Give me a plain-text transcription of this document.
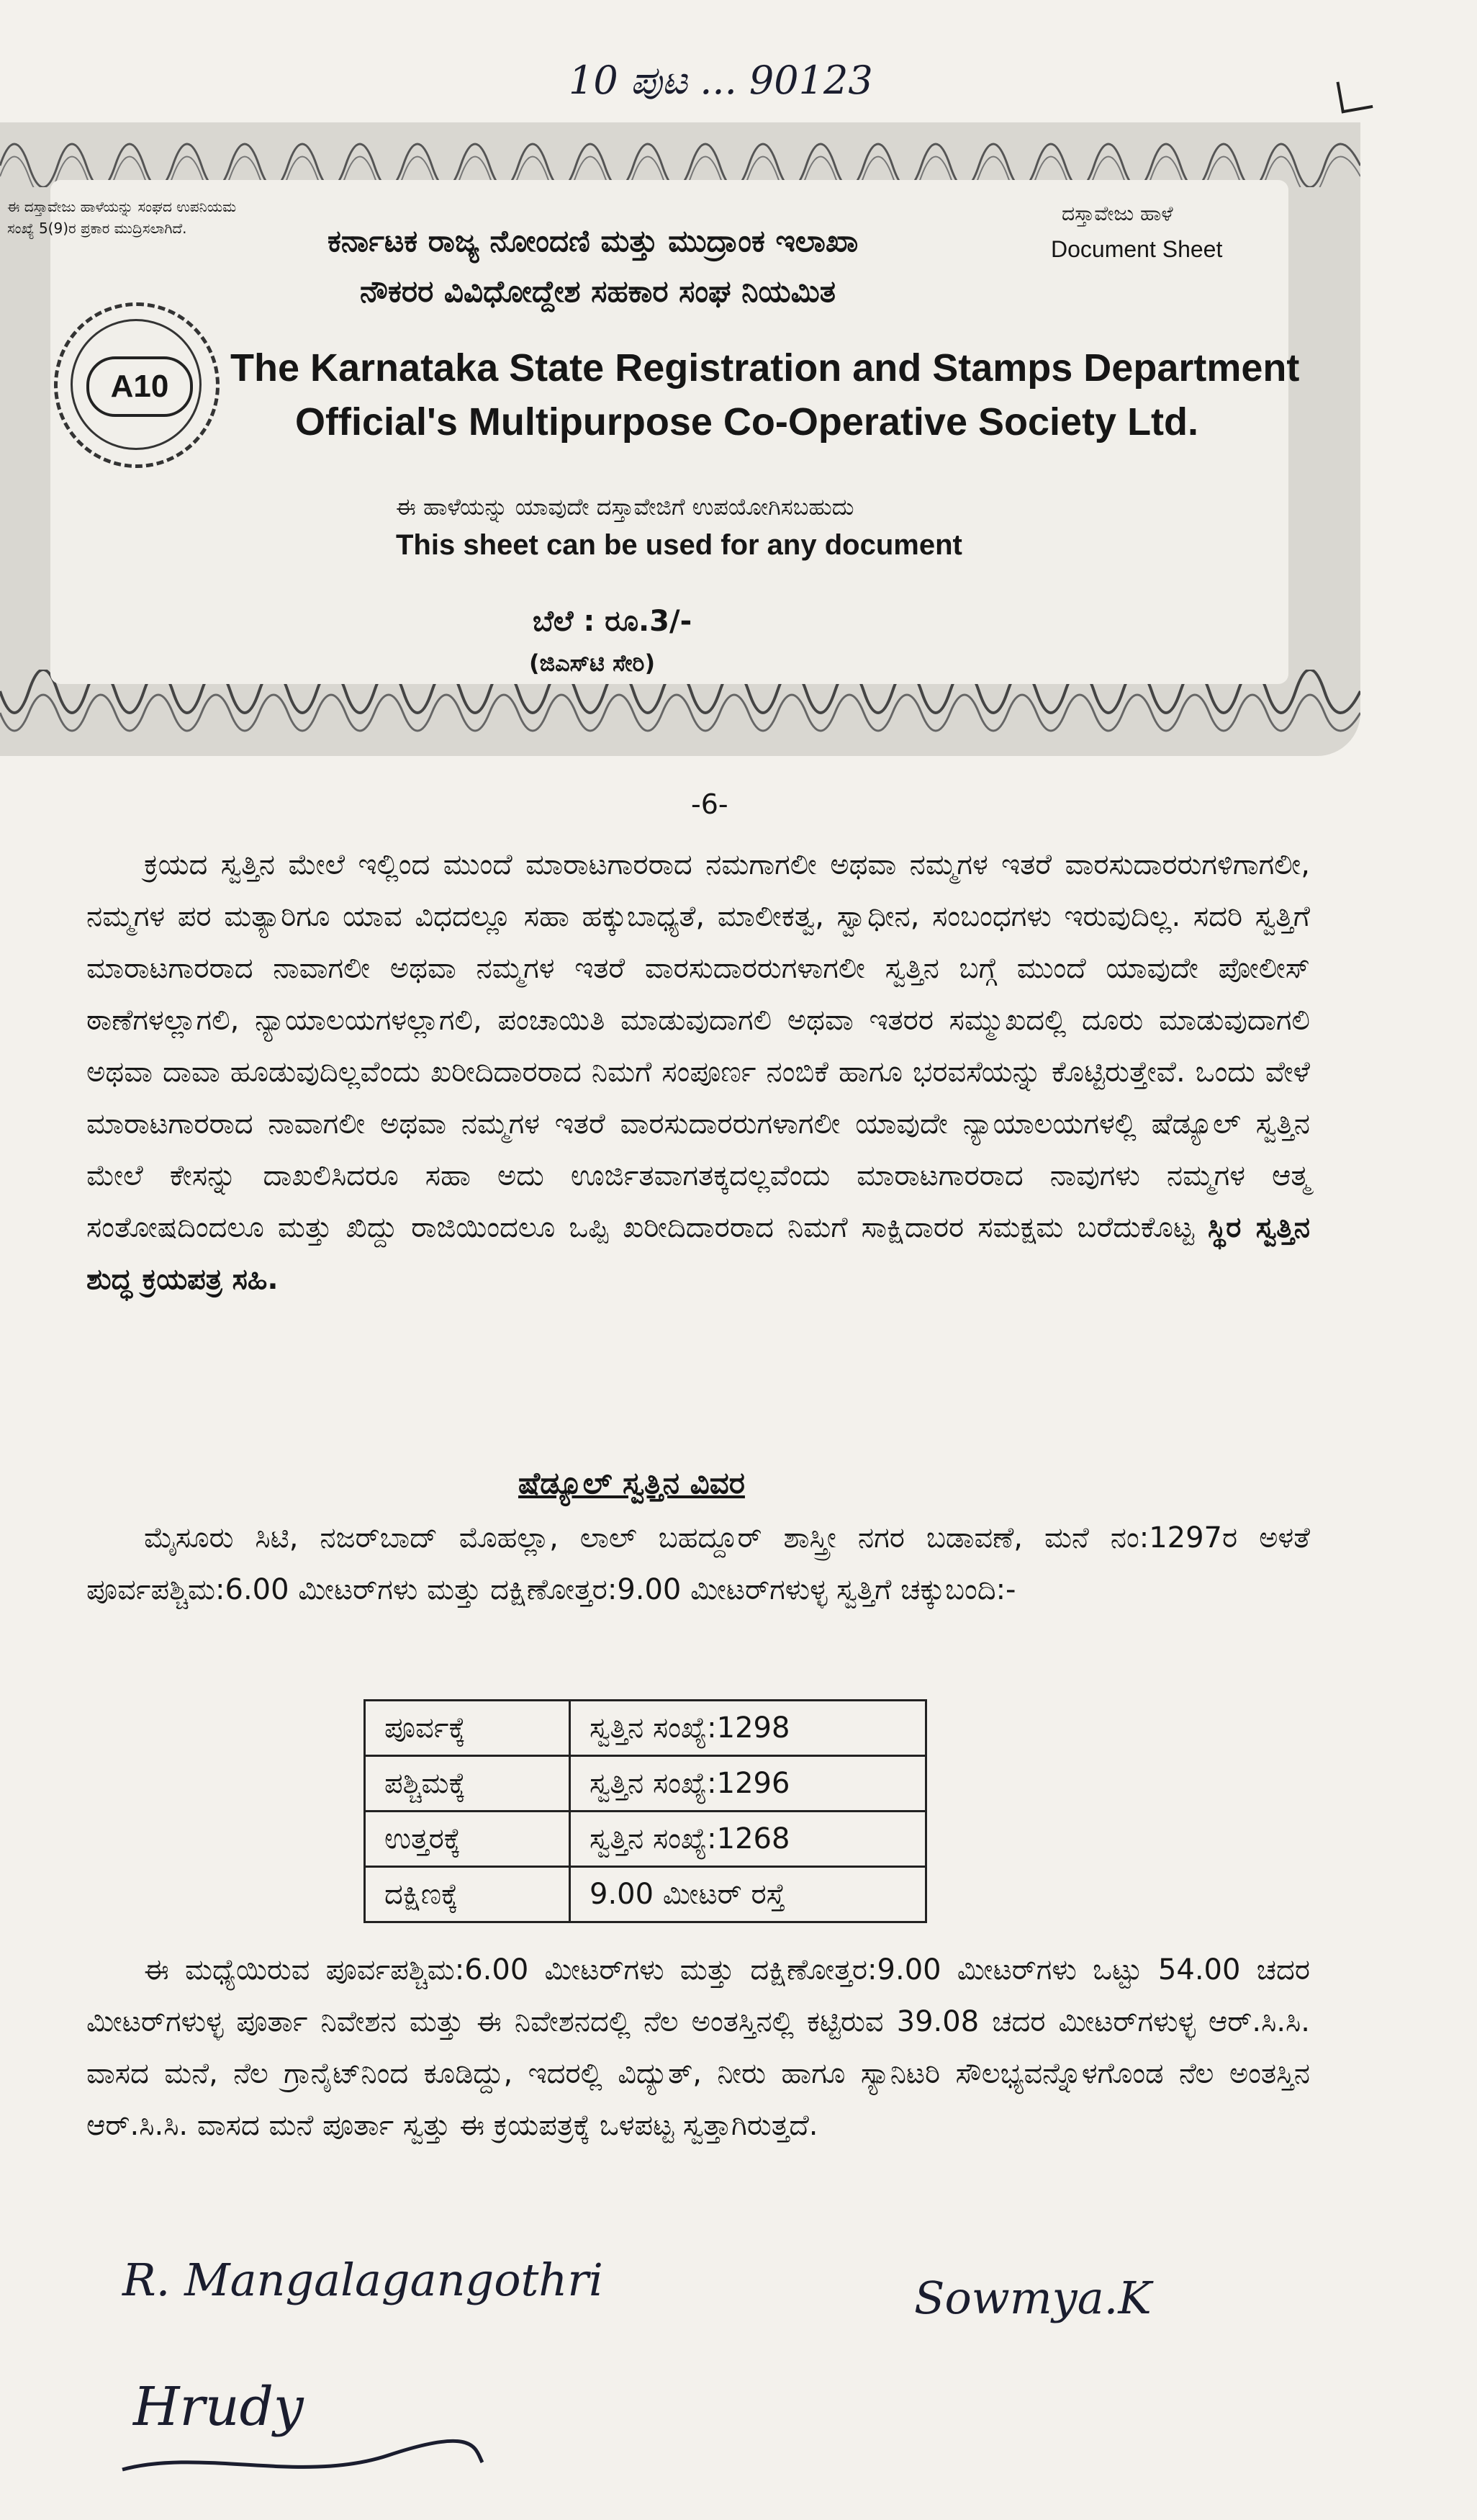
10 ಪುಟ ... 90123
ಈ ದಸ್ತಾವೇಜು ಹಾಳೆಯನ್ನು ಸಂಘದ ಉಪನಿಯಮ
ಸಂಖ್ಯೆ 5(9)ರ ಪ್ರಕಾರ ಮುದ್ರಿಸಲಾಗಿದೆ.
ದಸ್ತಾವೇಜು ಹಾಳೆ
Document Sheet
ಕರ್ನಾಟಕ ರಾಜ್ಯ ನೋಂದಣಿ ಮತ್ತು ಮುದ್ರಾಂಕ ಇಲಾಖಾ
ನೌಕರರ ವಿವಿಧೋದ್ದೇಶ ಸಹಕಾರ ಸಂಘ ನಿಯಮಿತ
A10	The Karnataka State Registration and Stamps Department
Official's Multipurpose Co-Operative Society Ltd.
ಈ ಹಾಳೆಯನ್ನು ಯಾವುದೇ ದಸ್ತಾವೇಜಿಗೆ ಉಪಯೋಗಿಸಬಹುದು
This sheet can be used for any document
ಬೆಲೆ : ರೂ.3/-
(ಜಿಎಸ್‌ಟಿ ಸೇರಿ)
-6-

ಕ್ರಯದ ಸ್ವತ್ತಿನ ಮೇಲೆ ಇಲ್ಲಿಂದ ಮುಂದೆ ಮಾರಾಟಗಾರರಾದ ನಮಗಾಗಲೀ ಅಥವಾ ನಮ್ಮಗಳ ಇತರೆ ವಾರಸುದಾರರುಗಳಿಗಾಗಲೀ, ನಮ್ಮಗಳ ಪರ ಮತ್ಯಾರಿಗೂ ಯಾವ ವಿಧದಲ್ಲೂ ಸಹಾ ಹಕ್ಕುಬಾಧ್ಯತೆ, ಮಾಲೀಕತ್ವ, ಸ್ವಾಧೀನ, ಸಂಬಂಧಗಳು ಇರುವುದಿಲ್ಲ. ಸದರಿ ಸ್ವತ್ತಿಗೆ ಮಾರಾಟಗಾರರಾದ ನಾವಾಗಲೀ ಅಥವಾ ನಮ್ಮಗಳ ಇತರೆ ವಾರಸುದಾರರುಗಳಾಗಲೀ ಸ್ವತ್ತಿನ ಬಗ್ಗೆ ಮುಂದೆ ಯಾವುದೇ ಪೋಲೀಸ್ ಠಾಣೆಗಳಲ್ಲಾಗಲಿ, ನ್ಯಾಯಾಲಯಗಳಲ್ಲಾಗಲಿ, ಪಂಚಾಯಿತಿ ಮಾಡುವುದಾಗಲಿ ಅಥವಾ ಇತರರ ಸಮ್ಮುಖದಲ್ಲಿ ದೂರು ಮಾಡುವುದಾಗಲಿ ಅಥವಾ ದಾವಾ ಹೂಡುವುದಿಲ್ಲವೆಂದು ಖರೀದಿದಾರರಾದ ನಿಮಗೆ ಸಂಪೂರ್ಣ ನಂಬಿಕೆ ಹಾಗೂ ಭರವಸೆಯನ್ನು ಕೊಟ್ಟಿರುತ್ತೇವೆ. ಒಂದು ವೇಳೆ ಮಾರಾಟಗಾರರಾದ ನಾವಾಗಲೀ ಅಥವಾ ನಮ್ಮಗಳ ಇತರೆ ವಾರಸುದಾರರುಗಳಾಗಲೀ ಯಾವುದೇ ನ್ಯಾಯಾಲಯಗಳಲ್ಲಿ ಷೆಡ್ಯೂಲ್ ಸ್ವತ್ತಿನ ಮೇಲೆ ಕೇಸನ್ನು ದಾಖಲಿಸಿದರೂ ಸಹಾ ಅದು ಊರ್ಜಿತವಾಗತಕ್ಕದಲ್ಲವೆಂದು ಮಾರಾಟಗಾರರಾದ ನಾವುಗಳು ನಮ್ಮಗಳ ಆತ್ಮ ಸಂತೋಷದಿಂದಲೂ ಮತ್ತು ಖಿದ್ದು ರಾಜಿಯಿಂದಲೂ ಒಪ್ಪಿ ಖರೀದಿದಾರರಾದ ನಿಮಗೆ ಸಾಕ್ಷಿದಾರರ ಸಮಕ್ಷಮ ಬರೆದುಕೊಟ್ಟ ಸ್ಥಿರ ಸ್ವತ್ತಿನ ಶುದ್ಧ ಕ್ರಯಪತ್ರ ಸಹಿ.

ಷೆಡ್ಯೂಲ್ ಸ್ವತ್ತಿನ ವಿವರ

ಮೈಸೂರು ಸಿಟಿ, ನಜರ್‌ಬಾದ್ ಮೊಹಲ್ಲಾ, ಲಾಲ್ ಬಹದ್ದೂರ್ ಶಾಸ್ತ್ರೀ ನಗರ ಬಡಾವಣೆ, ಮನೆ ನಂ:1297ರ ಅಳತೆ ಪೂರ್ವಪಶ್ಚಿಮ:6.00 ಮೀಟರ್‌ಗಳು ಮತ್ತು ದಕ್ಷಿಣೋತ್ತರ:9.00 ಮೀಟರ್‌ಗಳುಳ್ಳ ಸ್ವತ್ತಿಗೆ ಚಕ್ಕುಬಂದಿ:-

ಪೂರ್ವಕ್ಕೆ	ಸ್ವತ್ತಿನ ಸಂಖ್ಯೆ:1298
ಪಶ್ಚಿಮಕ್ಕೆ	ಸ್ವತ್ತಿನ ಸಂಖ್ಯೆ:1296
ಉತ್ತರಕ್ಕೆ	ಸ್ವತ್ತಿನ ಸಂಖ್ಯೆ:1268
ದಕ್ಷಿಣಕ್ಕೆ	9.00 ಮೀಟರ್ ರಸ್ತೆ

ಈ ಮಧ್ಯೆಯಿರುವ ಪೂರ್ವಪಶ್ಚಿಮ:6.00 ಮೀಟರ್‌ಗಳು ಮತ್ತು ದಕ್ಷಿಣೋತ್ತರ:9.00 ಮೀಟರ್‌ಗಳು ಒಟ್ಟು 54.00 ಚದರ ಮೀಟರ್‌ಗಳುಳ್ಳ ಪೂರ್ತಾ ನಿವೇಶನ ಮತ್ತು ಈ ನಿವೇಶನದಲ್ಲಿ ನೆಲ ಅಂತಸ್ತಿನಲ್ಲಿ ಕಟ್ಟಿರುವ 39.08 ಚದರ ಮೀಟರ್‌ಗಳುಳ್ಳ ಆರ್.ಸಿ.ಸಿ. ವಾಸದ ಮನೆ, ನೆಲ ಗ್ರಾನೈಟ್‌ನಿಂದ ಕೂಡಿದ್ದು, ಇದರಲ್ಲಿ ವಿದ್ಯುತ್, ನೀರು ಹಾಗೂ ಸ್ಯಾನಿಟರಿ ಸೌಲಭ್ಯವನ್ನೊಳಗೊಂಡ ನೆಲ ಅಂತಸ್ತಿನ ಆರ್.ಸಿ.ಸಿ. ವಾಸದ ಮನೆ ಪೂರ್ತಾ ಸ್ವತ್ತು ಈ ಕ್ರಯಪತ್ರಕ್ಕೆ ಒಳಪಟ್ಟ ಸ್ವತ್ತಾಗಿರುತ್ತದೆ.

R. Mangalagangothri	Sowmya.K
Hrudy
